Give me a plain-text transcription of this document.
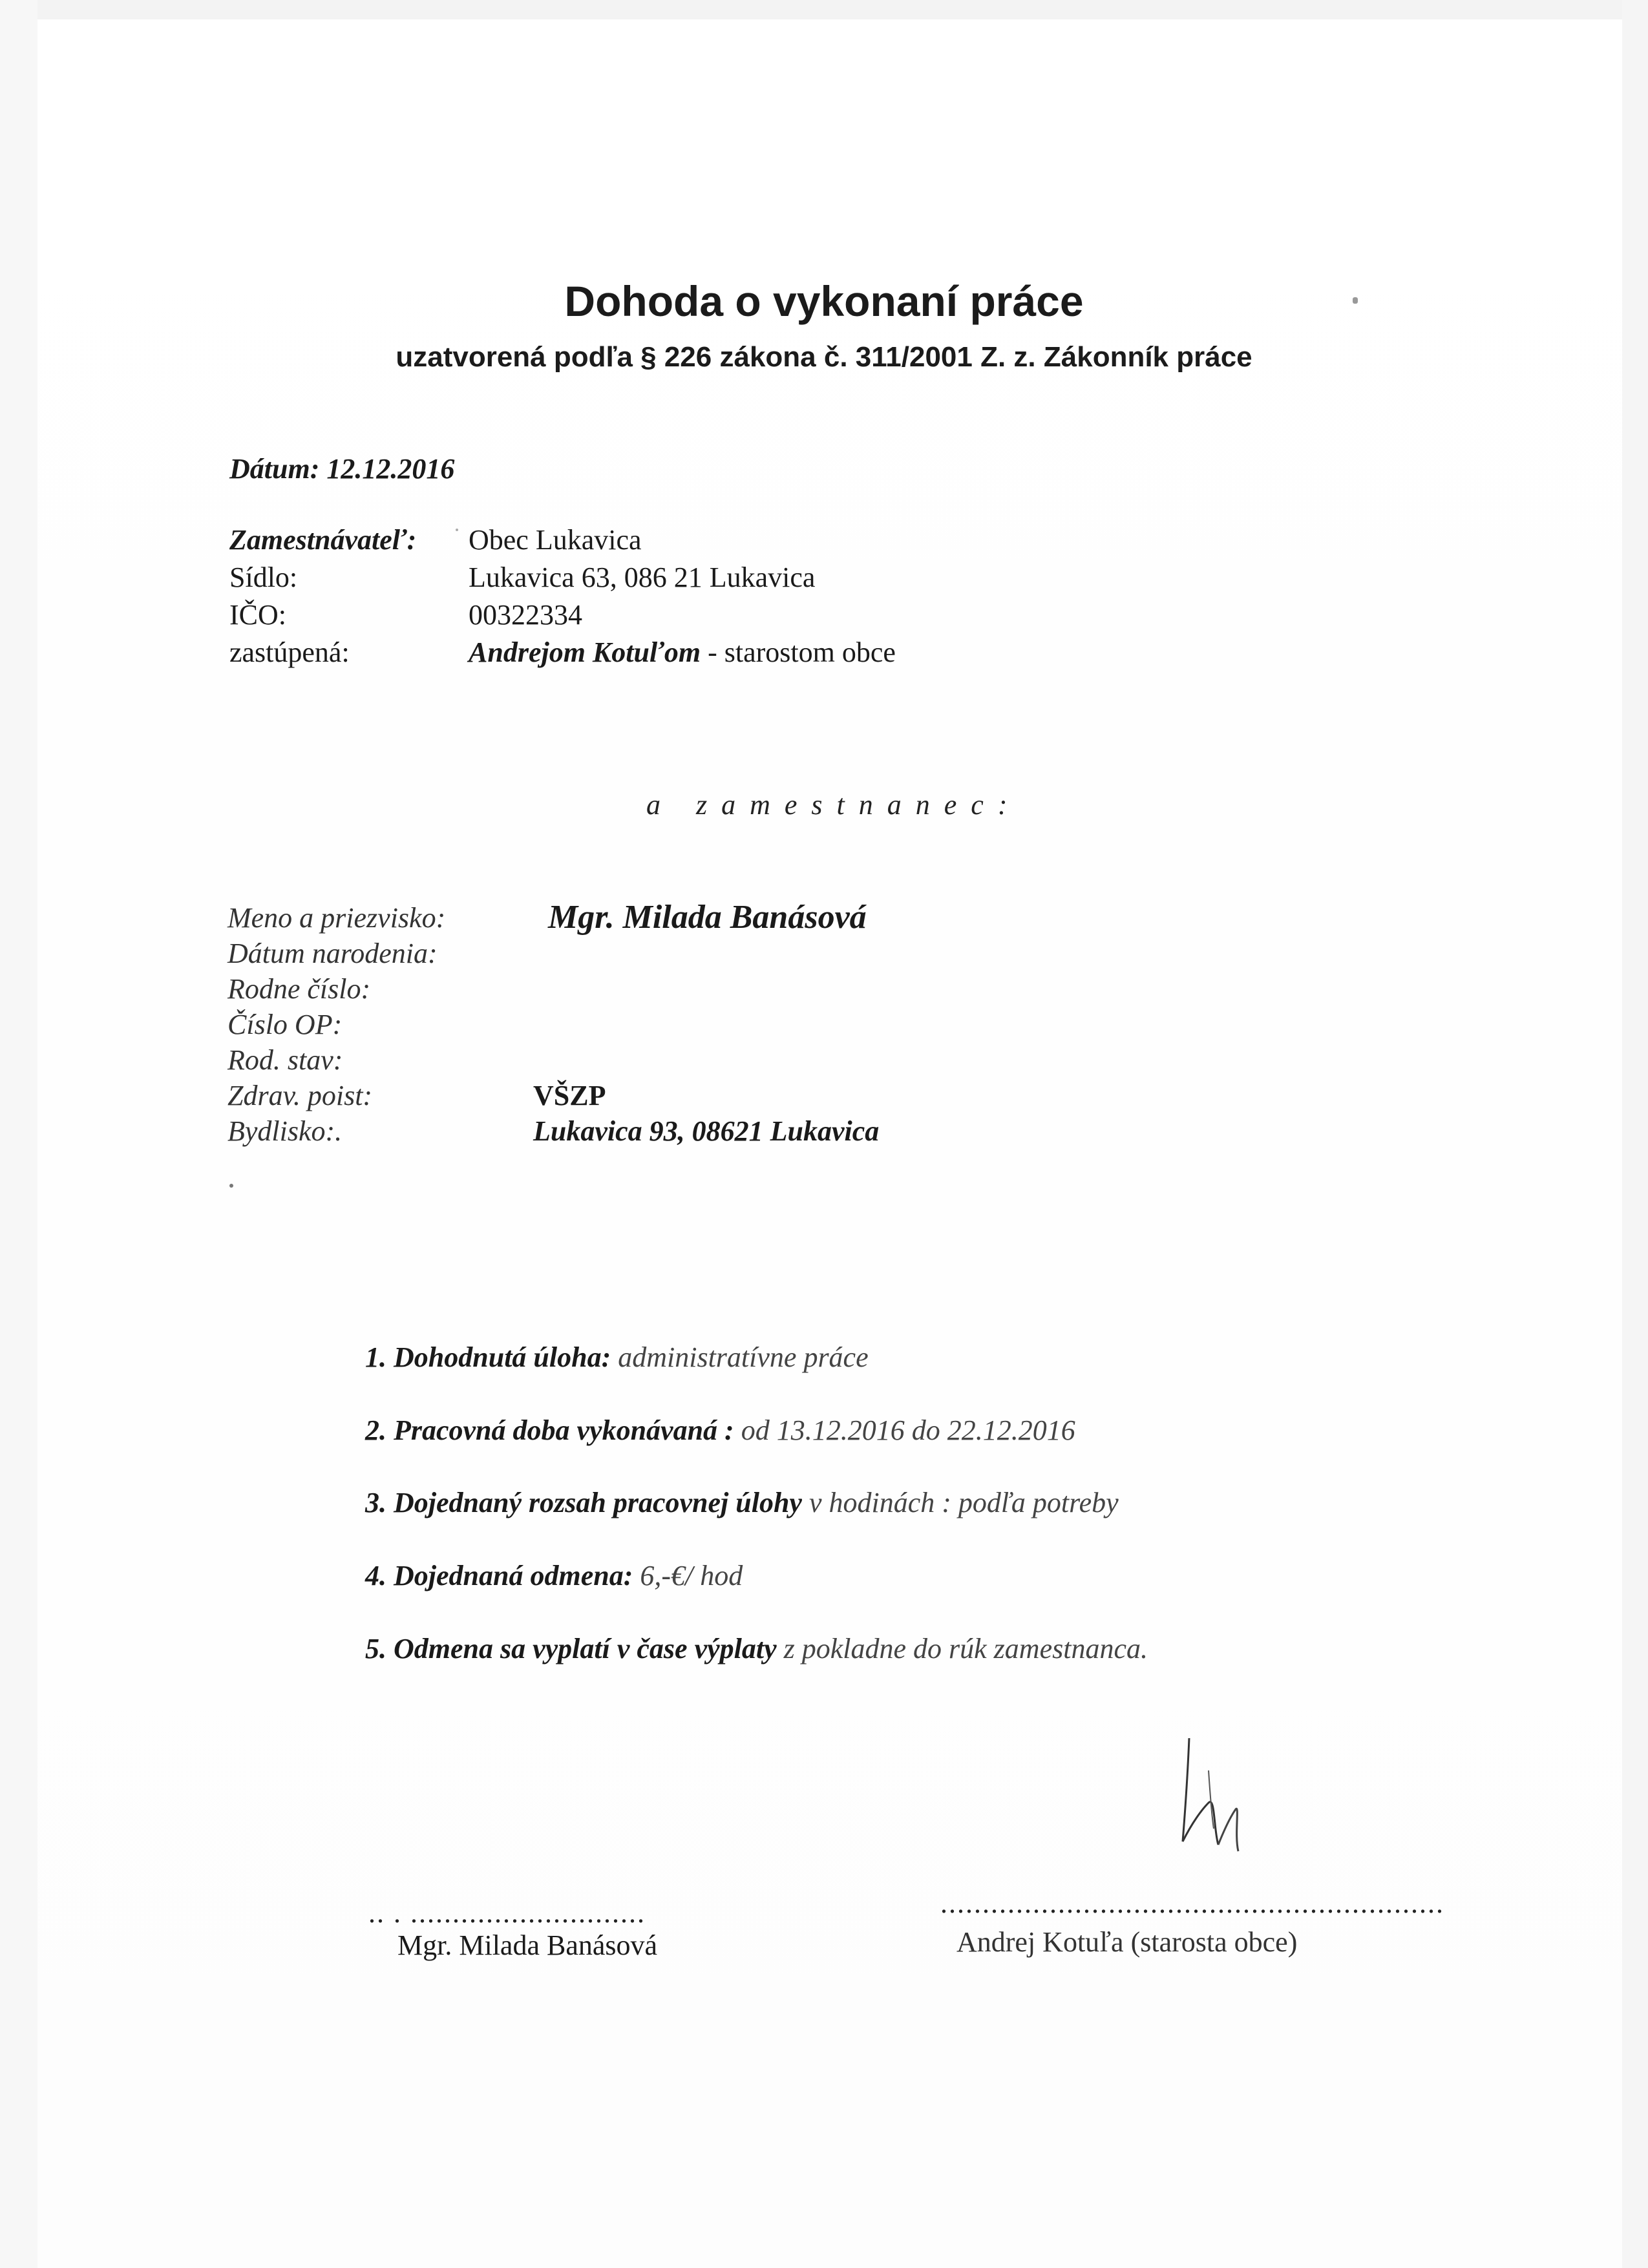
Dohoda o vykonaní práce
uzatvorená podľa § 226 zákona č. 311/2001 Z. z. Zákonník práce
Dátum: 12.12.2016
Zamestnávateľ: Obec Lukavica
Sídlo:	Lukavica 63, 086 21 Lukavica
IČO:	00322334
zastúpená:	Andrejom Kotuľom - starostom obce
a zamestnanec:
Meno a priezvisko:	Mgr. Milada Banásová
Dátum narodenia:
Rodne číslo:
Číslo OP:
Rod. stav:
Zdrav. poist:	VŠZP
Bydlisko:.	Lukavica 93, 08621 Lukavica
1. Dohodnutá úloha: administratívne práce
2. Pracovná doba vykonávaná : od 13.12.2016 do 22.12.2016
3. Dojednaný rozsah pracovnej úlohy v hodinách : podľa potreby
4. Dojednaná odmena: 6,-€/ hod
5. Odmena sa vyplatí v čase výplaty z pokladne do rúk zamestnanca.
.. . ............................
Mgr. Milada Banásová
............................................................
Andrej Kotuľa (starosta obce)
